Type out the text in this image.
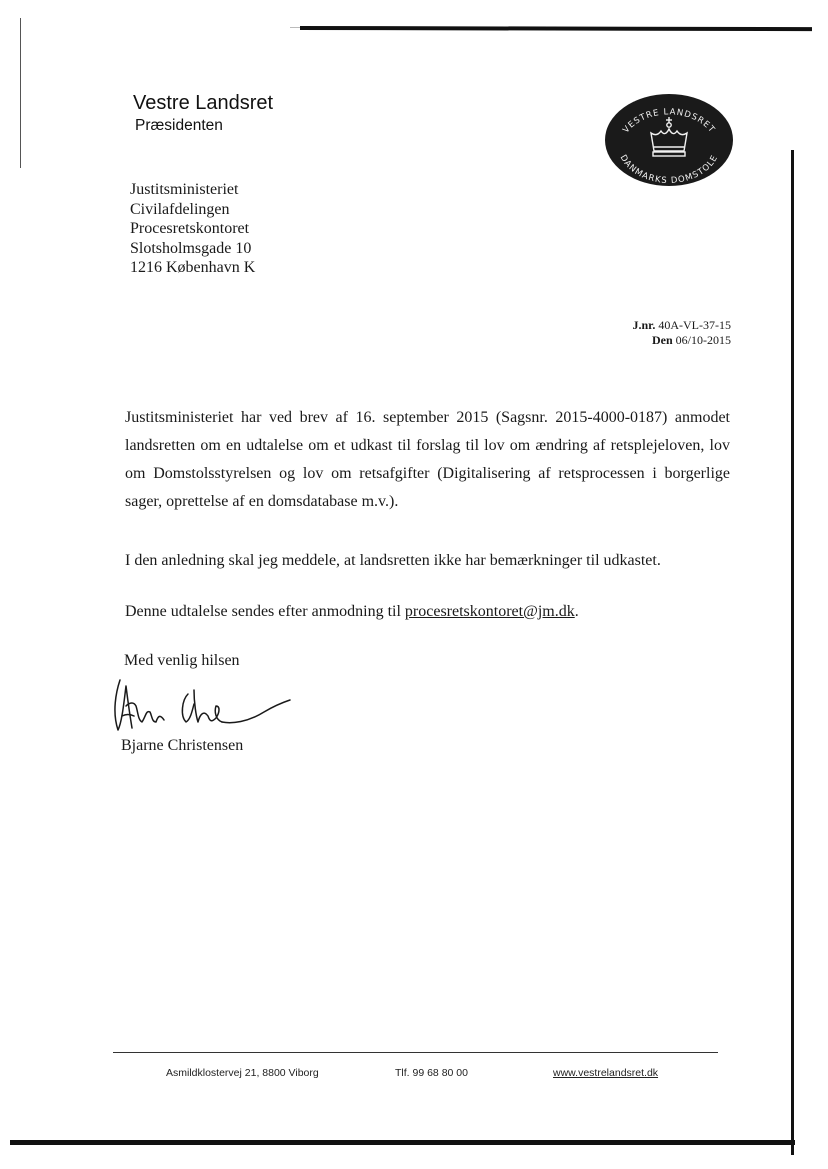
Vestre Landsret
Præsidenten	VESTRE LANDSRET
DANMARKS DOMSTOLE
Justitsministeriet
Civilafdelingen
Procesretskontoret
Slotsholmsgade 10
1216 København K
J.nr. 40A-VL-37-15
Den 06/10-2015
Justitsministeriet har ved brev af 16. september 2015 (Sagsnr. 2015-4000-0187) anmodet landsretten om en udtalelse om et udkast til forslag til lov om ændring af retsplejeloven, lov om Domstolsstyrelsen og lov om retsafgifter (Digitalisering af retsprocessen i borgerlige sager, oprettelse af en domsdatabase m.v.).
I den anledning skal jeg meddele, at landsretten ikke har bemærkninger til udkastet.
Denne udtalelse sendes efter anmodning til procesretskontoret@jm.dk.
Med venlig hilsen
Bjarne Christensen
Asmildklostervej 21, 8800 Viborg	Tlf. 99 68 80 00	www.vestrelandsret.dk
